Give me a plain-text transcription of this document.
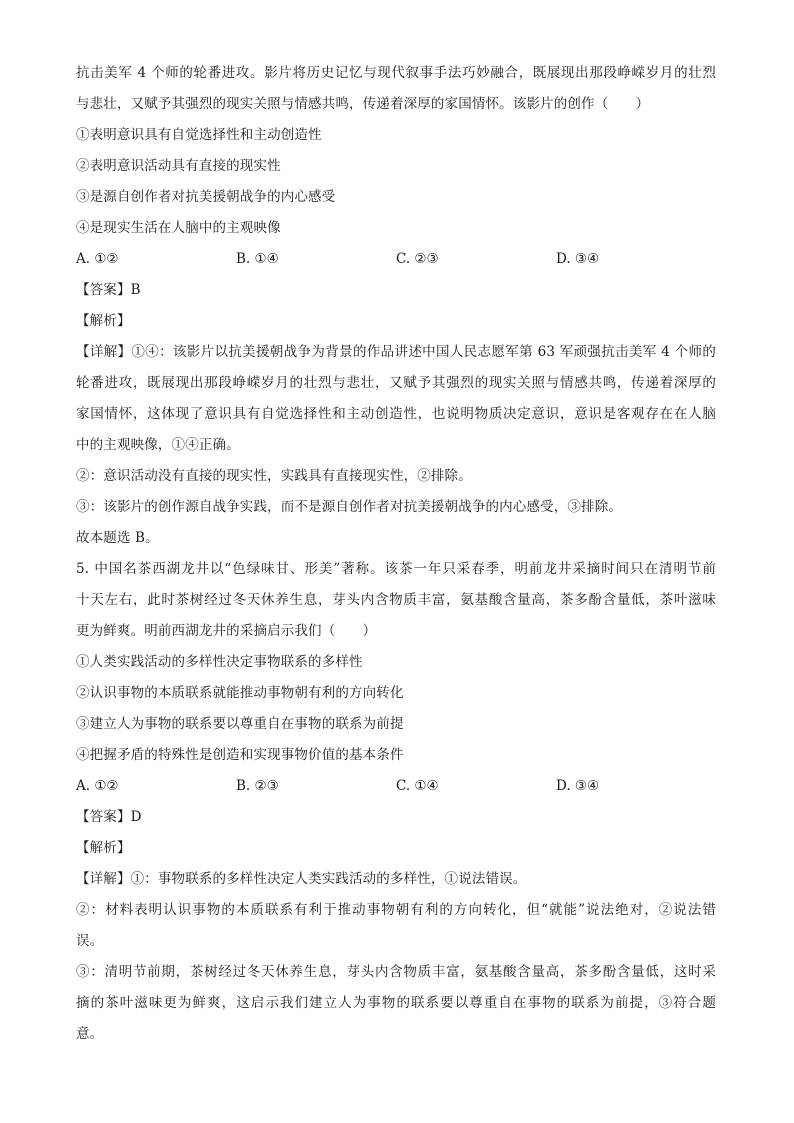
抗击美军 4 个师的轮番进攻。影片将历史记忆与现代叙事手法巧妙融合，既展现出那段峥嵘岁月的壮烈
与悲壮，又赋予其强烈的现实关照与情感共鸣，传递着深厚的家国情怀。该影片的创作（　　）
①表明意识具有自觉选择性和主动创造性
②表明意识活动具有直接的现实性
③是源自创作者对抗美援朝战争的内心感受
④是现实生活在人脑中的主观映像
A. ①②	B. ①④	C. ②③	D. ③④
【答案】B
【解析】
【详解】①④：该影片以抗美援朝战争为背景的作品讲述中国人民志愿军第 63 军顽强抗击美军 4 个师的
轮番进攻，既展现出那段峥嵘岁月的壮烈与悲壮，又赋予其强烈的现实关照与情感共鸣，传递着深厚的
家国情怀，这体现了意识具有自觉选择性和主动创造性，也说明物质决定意识，意识是客观存在在人脑
中的主观映像，①④正确。
②：意识活动没有直接的现实性，实践具有直接现实性，②排除。
③：该影片的创作源自战争实践，而不是源自创作者对抗美援朝战争的内心感受，③排除。
故本题选 B。
5. 中国名茶西湖龙井以“色绿味甘、形美”著称。该茶一年只采春季，明前龙井采摘时间只在清明节前
十天左右，此时茶树经过冬天休养生息，芽头内含物质丰富，氨基酸含量高，茶多酚含量低，茶叶滋味
更为鲜爽。明前西湖龙井的采摘启示我们（　　）
①人类实践活动的多样性决定事物联系的多样性
②认识事物的本质联系就能推动事物朝有利的方向转化
③建立人为事物的联系要以尊重自在事物的联系为前提
④把握矛盾的特殊性是创造和实现事物价值的基本条件
A. ①②	B. ②③	C. ①④	D. ③④
【答案】D
【解析】
【详解】①：事物联系的多样性决定人类实践活动的多样性，①说法错误。
②：材料表明认识事物的本质联系有利于推动事物朝有利的方向转化，但“就能”说法绝对，②说法错
误。
③：清明节前期，茶树经过冬天休养生息，芽头内含物质丰富，氨基酸含量高，茶多酚含量低，这时采
摘的茶叶滋味更为鲜爽，这启示我们建立人为事物的联系要以尊重自在事物的联系为前提，③符合题
意。
